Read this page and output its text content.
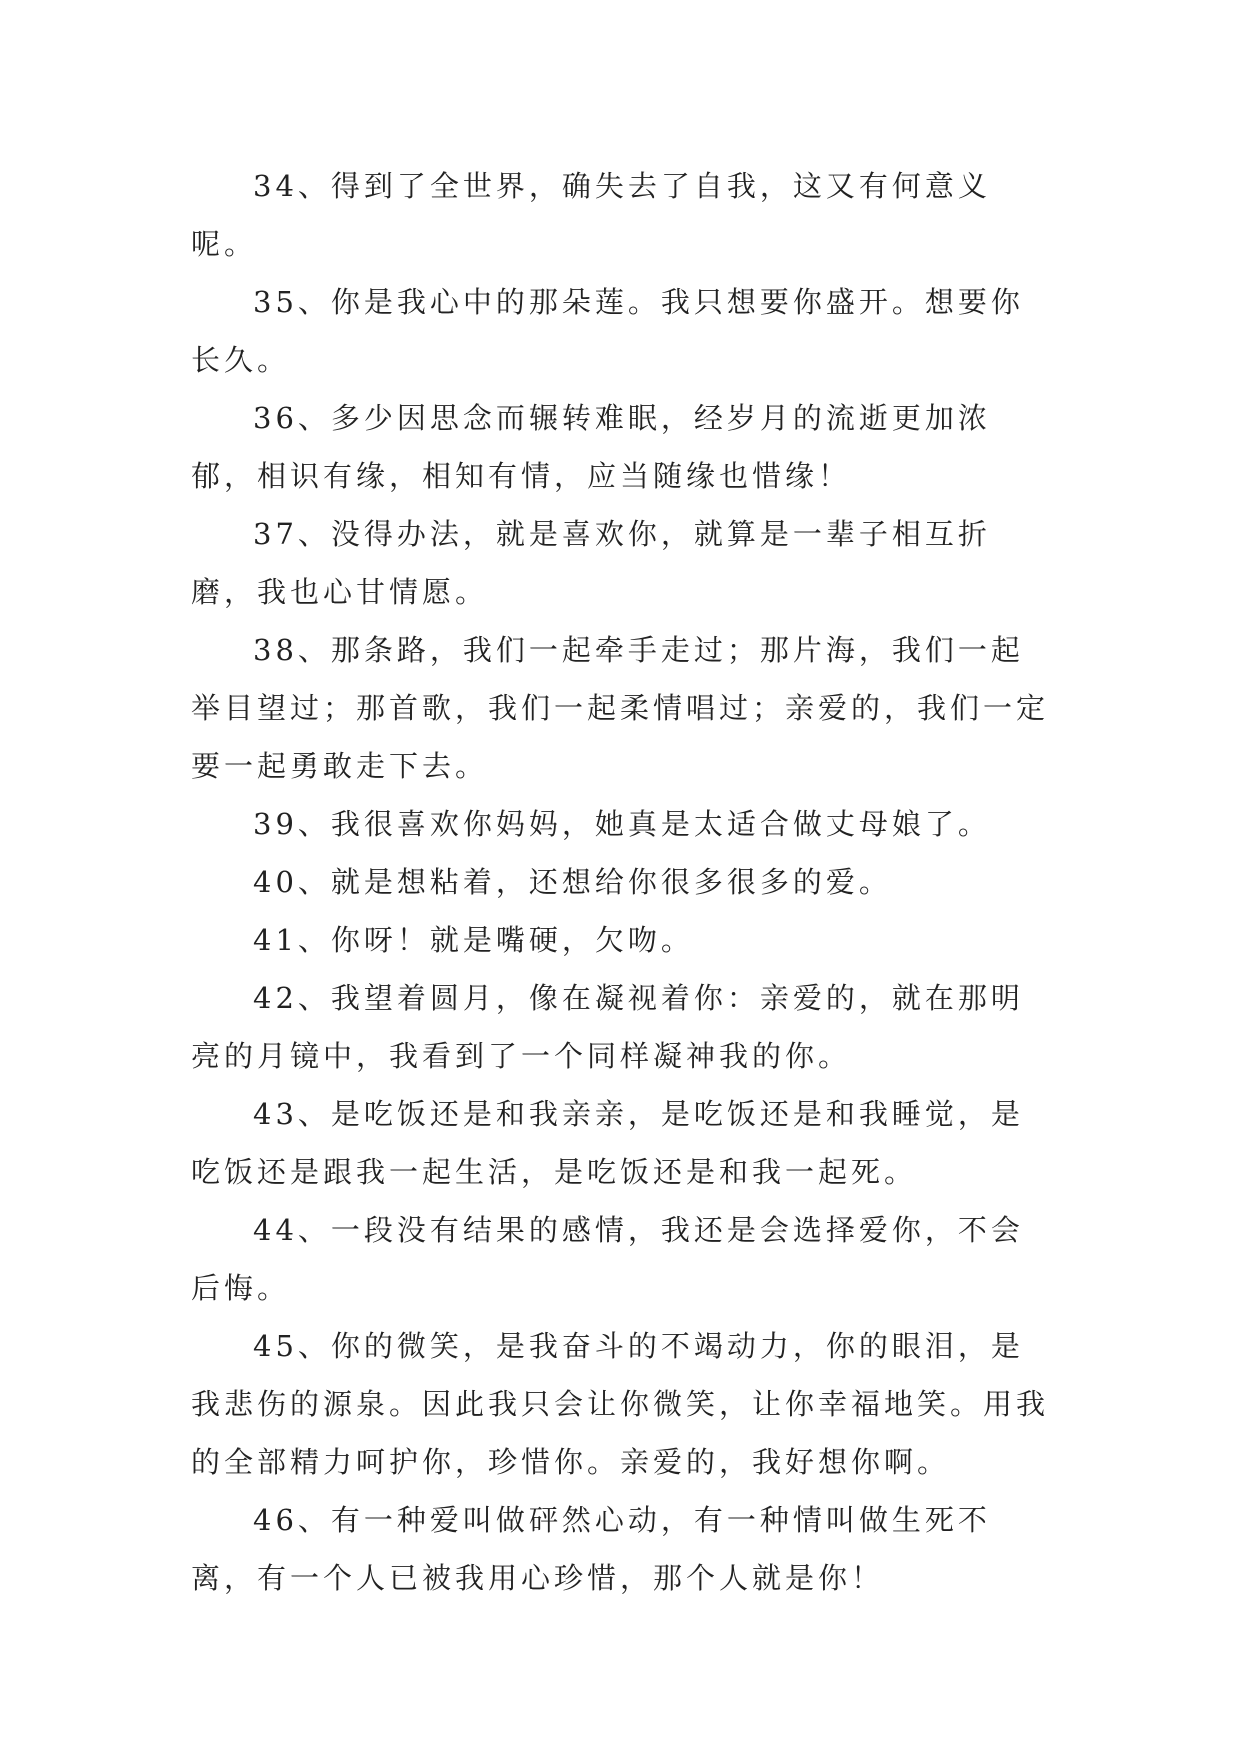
34、得到了全世界，确失去了自我，这又有何意义呢。

35、你是我心中的那朵莲。我只想要你盛开。想要你长久。

36、多少因思念而辗转难眠，经岁月的流逝更加浓郁，相识有缘，相知有情，应当随缘也惜缘！

37、没得办法，就是喜欢你，就算是一辈子相互折磨，我也心甘情愿。

38、那条路，我们一起牵手走过；那片海，我们一起举目望过；那首歌，我们一起柔情唱过；亲爱的，我们一定要一起勇敢走下去。

39、我很喜欢你妈妈，她真是太适合做丈母娘了。

40、就是想粘着，还想给你很多很多的爱。

41、你呀！就是嘴硬，欠吻。

42、我望着圆月，像在凝视着你：亲爱的，就在那明亮的月镜中，我看到了一个同样凝神我的你。

43、是吃饭还是和我亲亲，是吃饭还是和我睡觉，是吃饭还是跟我一起生活，是吃饭还是和我一起死。

44、一段没有结果的感情，我还是会选择爱你，不会后悔。

45、你的微笑，是我奋斗的不竭动力，你的眼泪，是我悲伤的源泉。因此我只会让你微笑，让你幸福地笑。用我的全部精力呵护你，珍惜你。亲爱的，我好想你啊。

46、有一种爱叫做砰然心动，有一种情叫做生死不离，有一个人已被我用心珍惜，那个人就是你！
